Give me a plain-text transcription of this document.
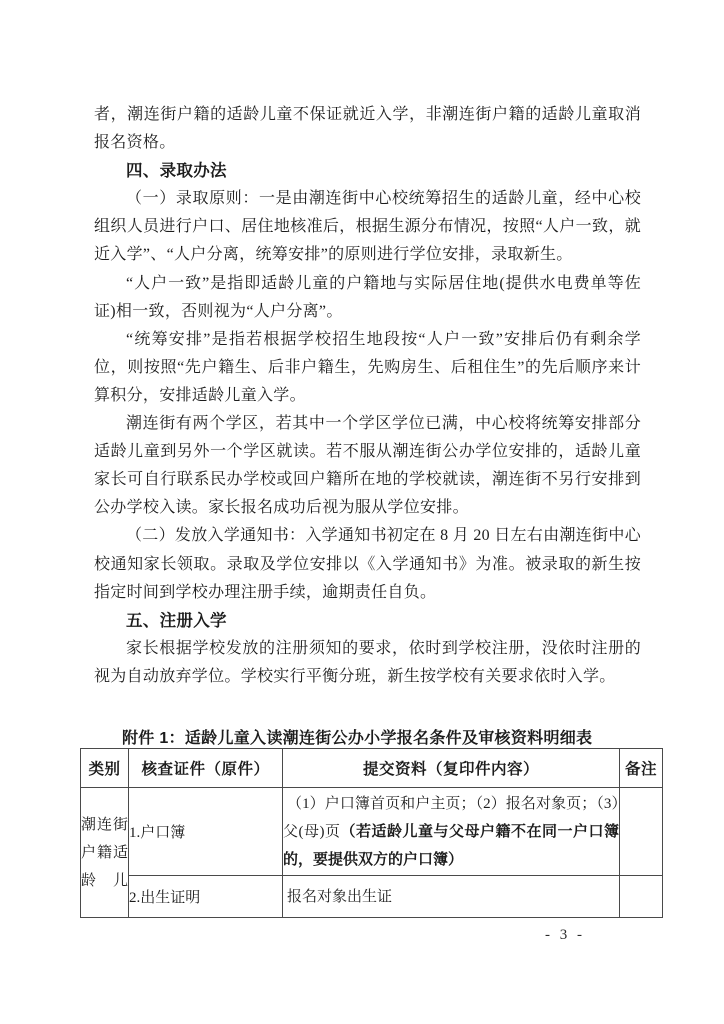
者，潮连街户籍的适龄儿童不保证就近入学，非潮连街户籍的适龄儿童取消报名资格。

四、录取办法

（一）录取原则：一是由潮连街中心校统筹招生的适龄儿童，经中心校组织人员进行户口、居住地核准后，根据生源分布情况，按照“人户一致，就近入学”、“人户分离，统筹安排”的原则进行学位安排，录取新生。

“人户一致”是指即适龄儿童的户籍地与实际居住地(提供水电费单等佐证)相一致，否则视为“人户分离”。

“统筹安排”是指若根据学校招生地段按“人户一致”安排后仍有剩余学位，则按照“先户籍生、后非户籍生，先购房生、后租住生”的先后顺序来计算积分，安排适龄儿童入学。

潮连街有两个学区，若其中一个学区学位已满，中心校将统筹安排部分适龄儿童到另外一个学区就读。若不服从潮连街公办学位安排的，适龄儿童家长可自行联系民办学校或回户籍所在地的学校就读，潮连街不另行安排到公办学校入读。家长报名成功后视为服从学位安排。

（二）发放入学通知书：入学通知书初定在 8 月 20 日左右由潮连街中心校通知家长领取。录取及学位安排以《入学通知书》为准。被录取的新生按指定时间到学校办理注册手续，逾期责任自负。

五、注册入学

家长根据学校发放的注册须知的要求，依时到学校注册，没依时注册的视为自动放弃学位。学校实行平衡分班，新生按学校有关要求依时入学。

附件 1：适龄儿童入读潮连街公办小学报名条件及审核资料明细表
类别	核查证件（原件）	提交资料（复印件内容）	备注
潮连街户籍适龄儿	1.户口簿	（1）户口簿首页和户主页；（2）报名对象页；（3）父(母)页（若适龄儿童与父母户籍不在同一户口簿的，要提供双方的户口簿）	
	2.出生证明	报名对象出生证	
- 3 -
